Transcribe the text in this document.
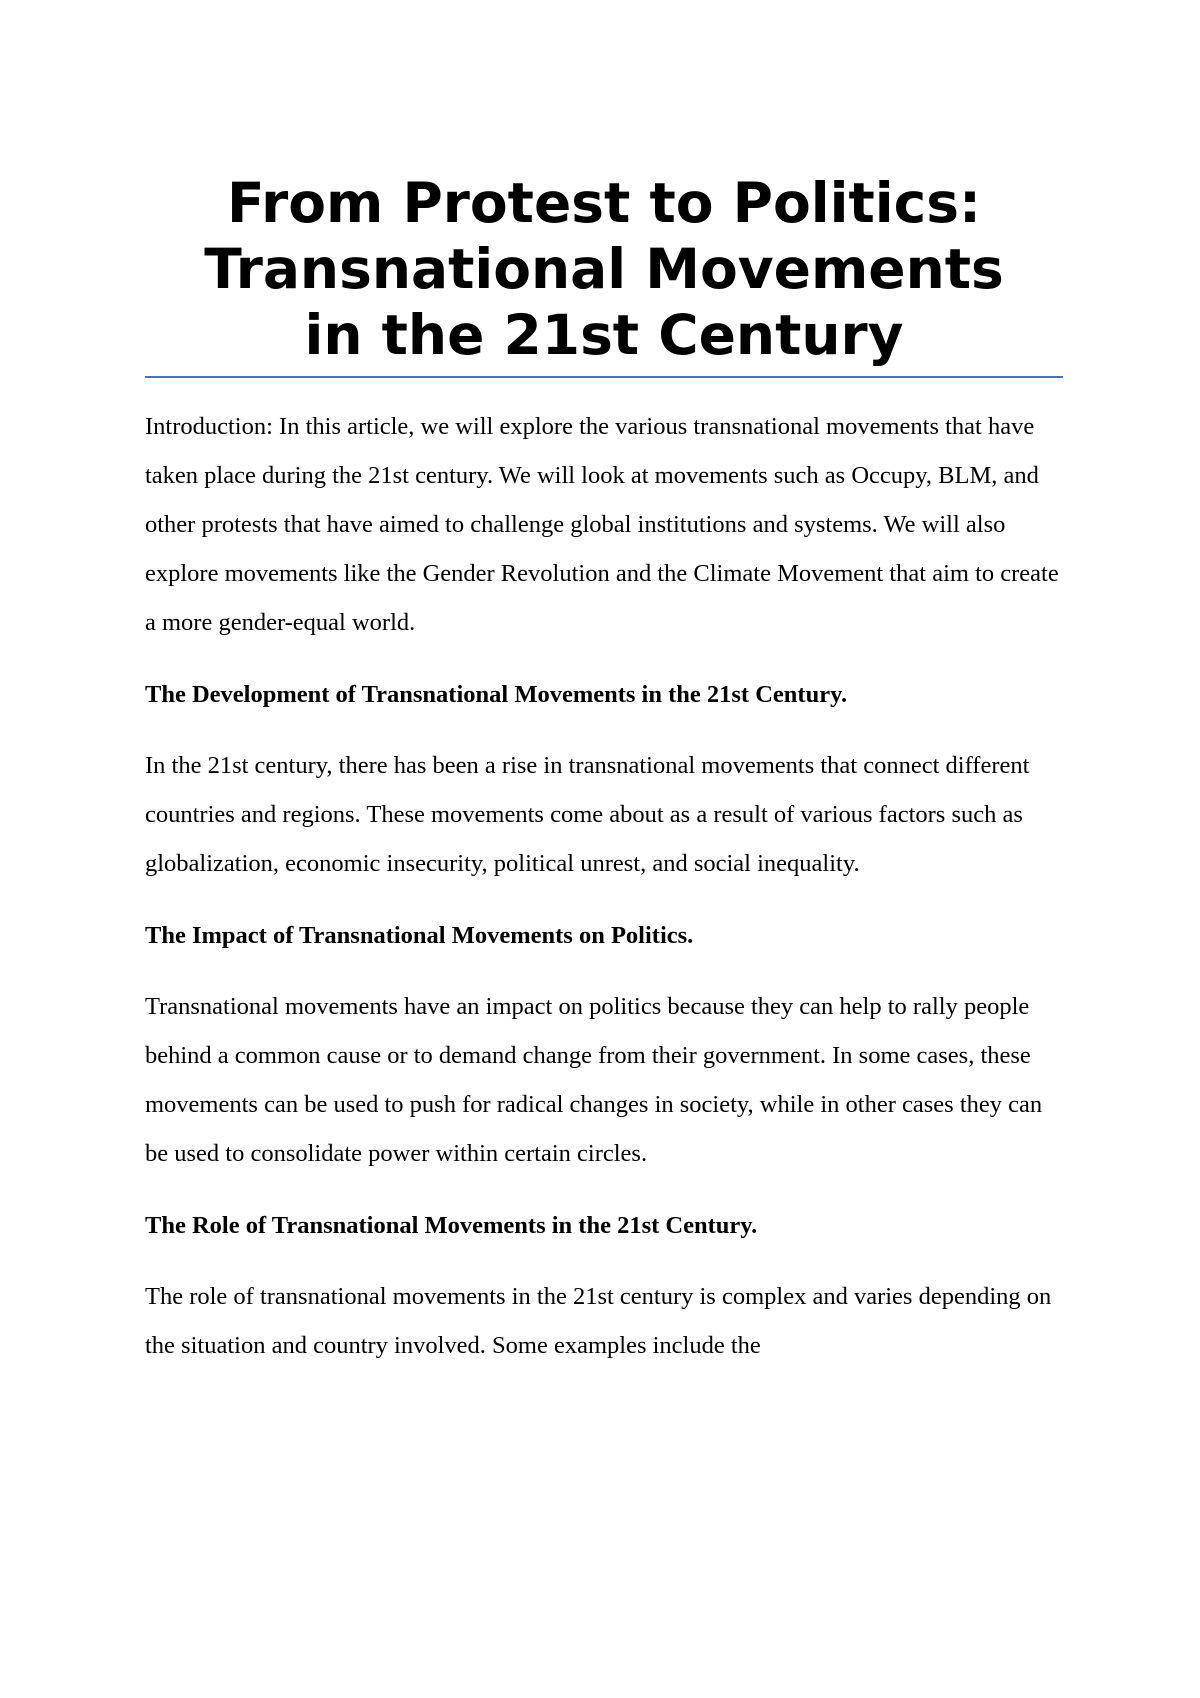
From Protest to Politics:
Transnational Movements
in the 21st Century

Introduction: In this article, we will explore the various transnational movements that have taken place during the 21st century. We will look at movements such as Occupy, BLM, and other protests that have aimed to challenge global institutions and systems. We will also explore movements like the Gender Revolution and the Climate Movement that aim to create a more gender-equal world.

The Development of Transnational Movements in the 21st Century.

In the 21st century, there has been a rise in transnational movements that connect different countries and regions. These movements come about as a result of various factors such as globalization, economic insecurity, political unrest, and social inequality.

The Impact of Transnational Movements on Politics.

Transnational movements have an impact on politics because they can help to rally people behind a common cause or to demand change from their government. In some cases, these movements can be used to push for radical changes in society, while in other cases they can be used to consolidate power within certain circles.

The Role of Transnational Movements in the 21st Century.

The role of transnational movements in the 21st century is complex and varies depending on the situation and country involved. Some examples include the
